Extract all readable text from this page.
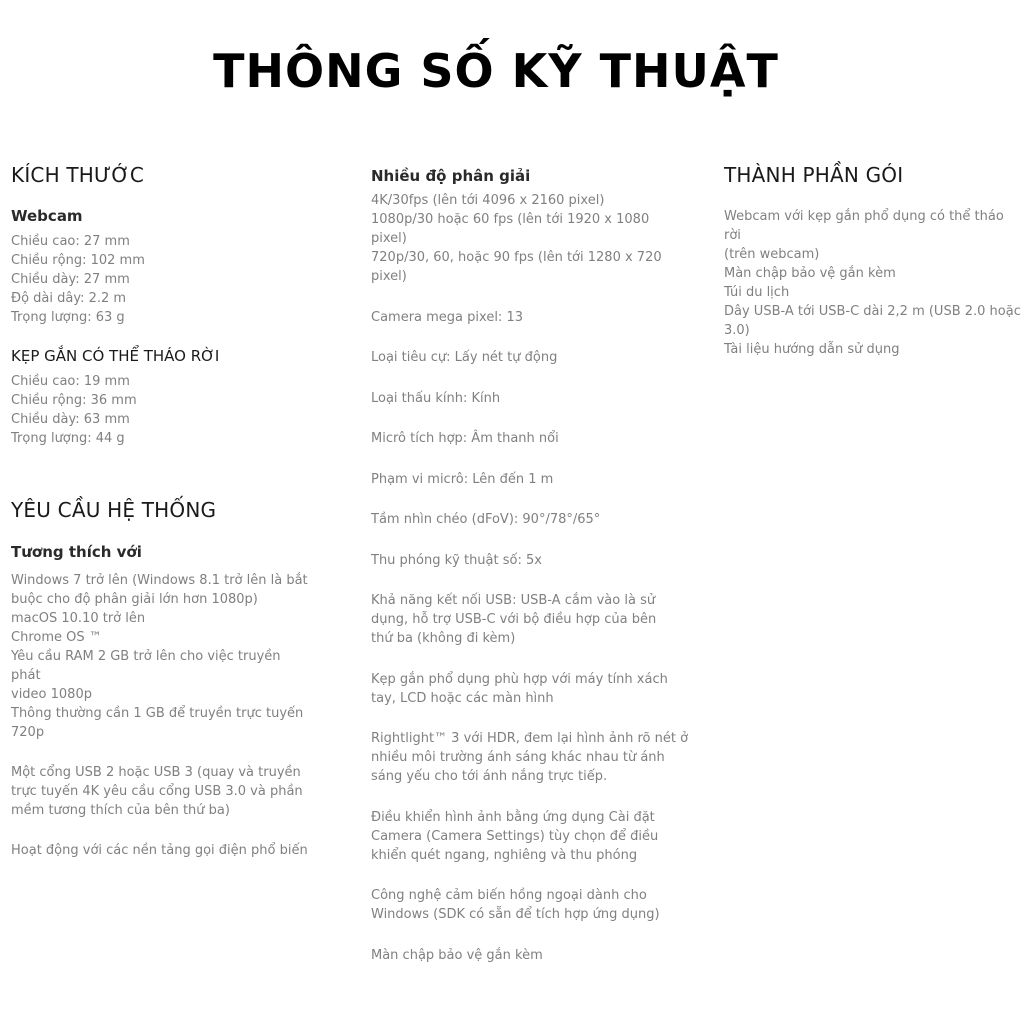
THÔNG SỐ KỸ THUẬT
KÍCH THƯỚC
Webcam
Chiều cao: 27 mm
Chiều rộng: 102 mm
Chiều dày: 27 mm
Độ dài dây: 2.2 m
Trọng lượng: 63 g
KẸP GẮN CÓ THỂ THÁO RỜI
Chiều cao: 19 mm
Chiều rộng: 36 mm
Chiều dày: 63 mm
Trọng lượng: 44 g
YÊU CẦU HỆ THỐNG
Tương thích với
Windows 7 trở lên (Windows 8.1 trở lên là bắt
buộc cho độ phân giải lớn hơn 1080p)
macOS 10.10 trở lên
Chrome OS ™
Yêu cầu RAM 2 GB trở lên cho việc truyền phát
video 1080p
Thông thường cần 1 GB để truyền trực tuyến
720p
Một cổng USB 2 hoặc USB 3 (quay và truyền
trực tuyến 4K yêu cầu cổng USB 3.0 và phần
mềm tương thích của bên thứ ba)
Hoạt động với các nền tảng gọi điện phổ biến
Nhiều độ phân giải
4K/30fps (lên tới 4096 x 2160 pixel)
1080p/30 hoặc 60 fps (lên tới 1920 x 1080 pixel)
720p/30, 60, hoặc 90 fps (lên tới 1280 x 720
pixel)
Camera mega pixel: 13
Loại tiêu cự: Lấy nét tự động
Loại thấu kính: Kính
Micrô tích hợp: Âm thanh nổi
Phạm vi micrô: Lên đến 1 m
Tầm nhìn chéo (dFoV): 90°/78°/65°
Thu phóng kỹ thuật số: 5x
Khả năng kết nối USB: USB-A cắm vào là sử
dụng, hỗ trợ USB-C với bộ điều hợp của bên
thứ ba (không đi kèm)
Kẹp gắn phổ dụng phù hợp với máy tính xách
tay, LCD hoặc các màn hình
Rightlight™ 3 với HDR, đem lại hình ảnh rõ nét ở
nhiều môi trường ánh sáng khác nhau từ ánh
sáng yếu cho tới ánh nắng trực tiếp.
Điều khiển hình ảnh bằng ứng dụng Cài đặt
Camera (Camera Settings) tùy chọn để điều
khiển quét ngang, nghiêng và thu phóng
Công nghệ cảm biến hồng ngoại dành cho
Windows (SDK có sẵn để tích hợp ứng dụng)
Màn chập bảo vệ gắn kèm
THÀNH PHẦN GÓI
Webcam với kẹp gắn phổ dụng có thể tháo rời
(trên webcam)
Màn chập bảo vệ gắn kèm
Túi du lịch
Dây USB-A tới USB-C dài 2,2 m (USB 2.0 hoặc
3.0)
Tài liệu hướng dẫn sử dụng
